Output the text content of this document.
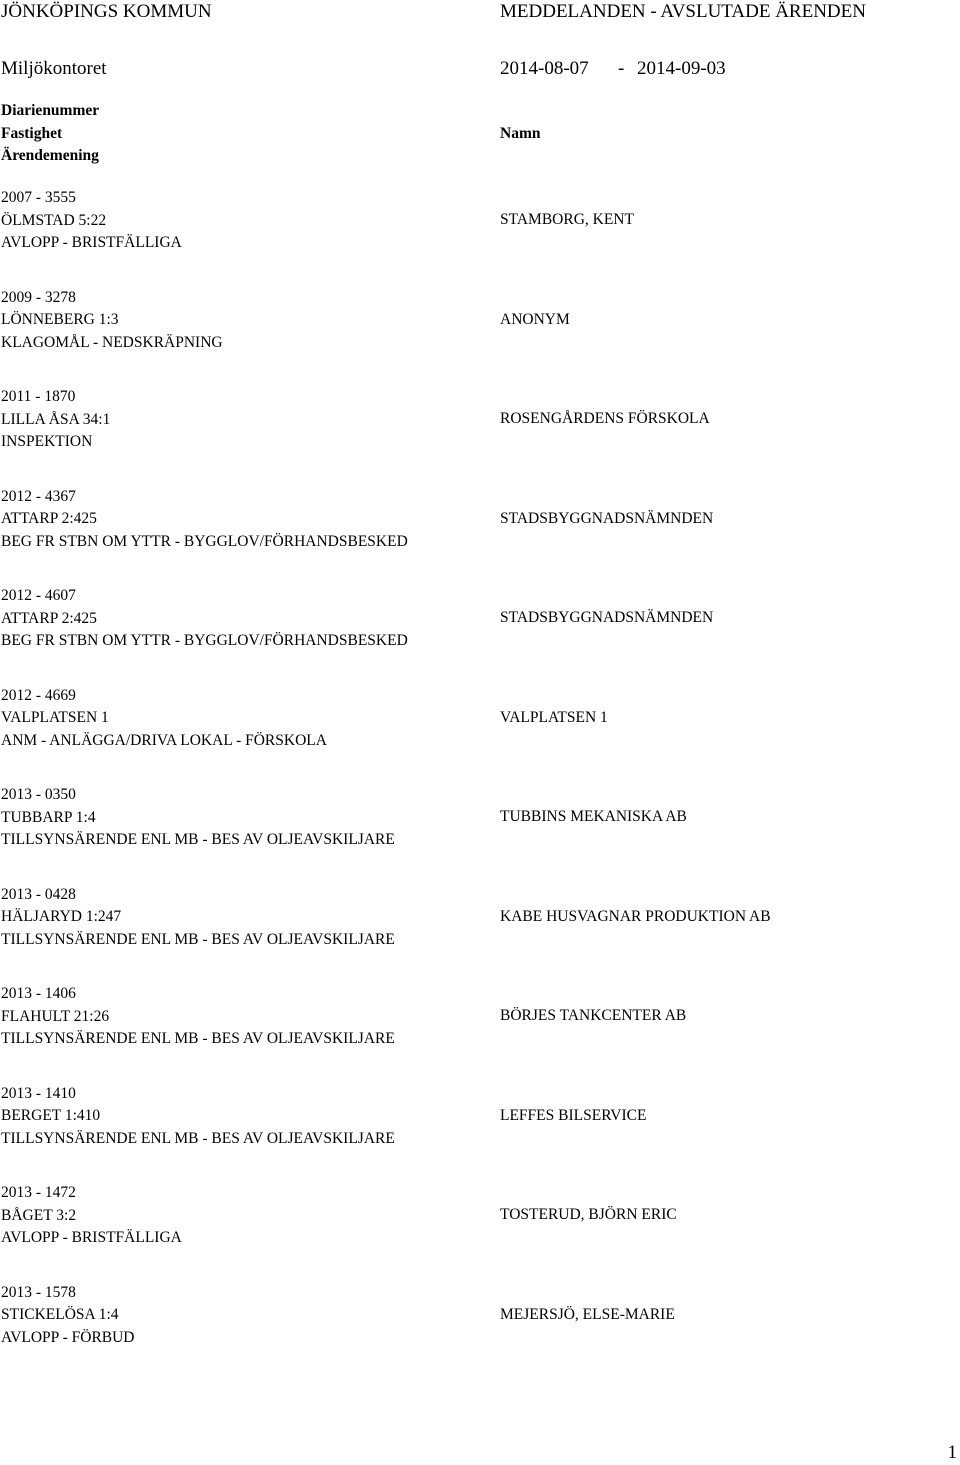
JÖNKÖPINGS KOMMUN	MEDDELANDEN - AVSLUTADE ÄRENDEN
Miljökontoret	2014-08-07 - 2014-09-03
Diarienummer
Fastighet
Ärendemening
Namn
2007 - 3555
ÖLMSTAD 5:22
AVLOPP - BRISTFÄLLIGA
STAMBORG, KENT
2009 - 3278
LÖNNEBERG 1:3
KLAGOMÅL - NEDSKRÄPNING
ANONYM
2011 - 1870
LILLA ÅSA 34:1
INSPEKTION
ROSENGÅRDENS FÖRSKOLA
2012 - 4367
ATTARP 2:425
BEG FR STBN OM YTTR - BYGGLOV/FÖRHANDSBESKED
STADSBYGGNADSNÄMNDEN
2012 - 4607
ATTARP 2:425
BEG FR STBN OM YTTR - BYGGLOV/FÖRHANDSBESKED
STADSBYGGNADSNÄMNDEN
2012 - 4669
VALPLATSEN 1
ANM - ANLÄGGA/DRIVA LOKAL - FÖRSKOLA
VALPLATSEN 1
2013 - 0350
TUBBARP 1:4
TILLSYNSÄRENDE ENL MB - BES AV OLJEAVSKILJARE
TUBBINS MEKANISKA AB
2013 - 0428
HÄLJARYD 1:247
TILLSYNSÄRENDE ENL MB - BES AV OLJEAVSKILJARE
KABE HUSVAGNAR PRODUKTION AB
2013 - 1406
FLAHULT 21:26
TILLSYNSÄRENDE ENL MB - BES AV OLJEAVSKILJARE
BÖRJES TANKCENTER AB
2013 - 1410
BERGET 1:410
TILLSYNSÄRENDE ENL MB - BES AV OLJEAVSKILJARE
LEFFES BILSERVICE
2013 - 1472
BÅGET 3:2
AVLOPP - BRISTFÄLLIGA
TOSTERUD, BJÖRN ERIC
2013 - 1578
STICKELÖSA 1:4
AVLOPP - FÖRBUD
MEJERSJÖ, ELSE-MARIE
1
